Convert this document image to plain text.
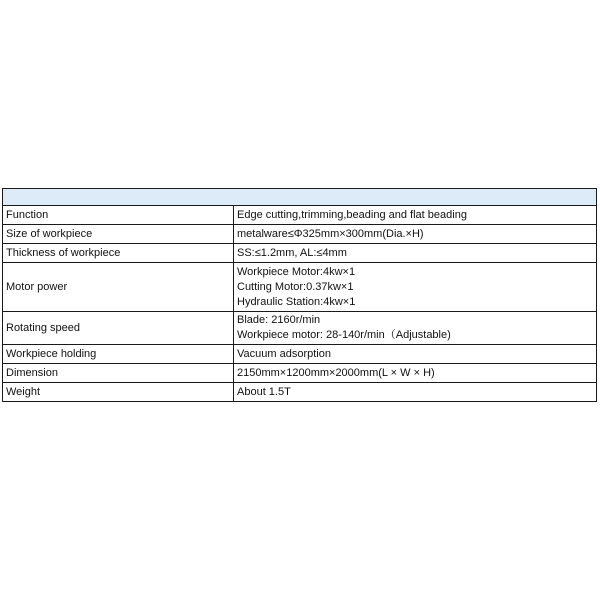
Function	Edge cutting,trimming,beading and flat beading

Size of workpiece	metalware≤Φ325mm×300mm(Dia.×H)

Thickness of workpiece	SS:≤1.2mm, AL:≤4mm

Motor power	Workpiece Motor:4kw×1
Cutting Motor:0.37kw×1
Hydraulic Station:4kw×1

Rotating speed	Blade: 2160r/min
Workpiece motor: 28-140r/min（Adjustable)

Workpiece holding	Vacuum adsorption

Dimension	2150mm×1200mm×2000mm(L × W × H)

Weight	About 1.5T
